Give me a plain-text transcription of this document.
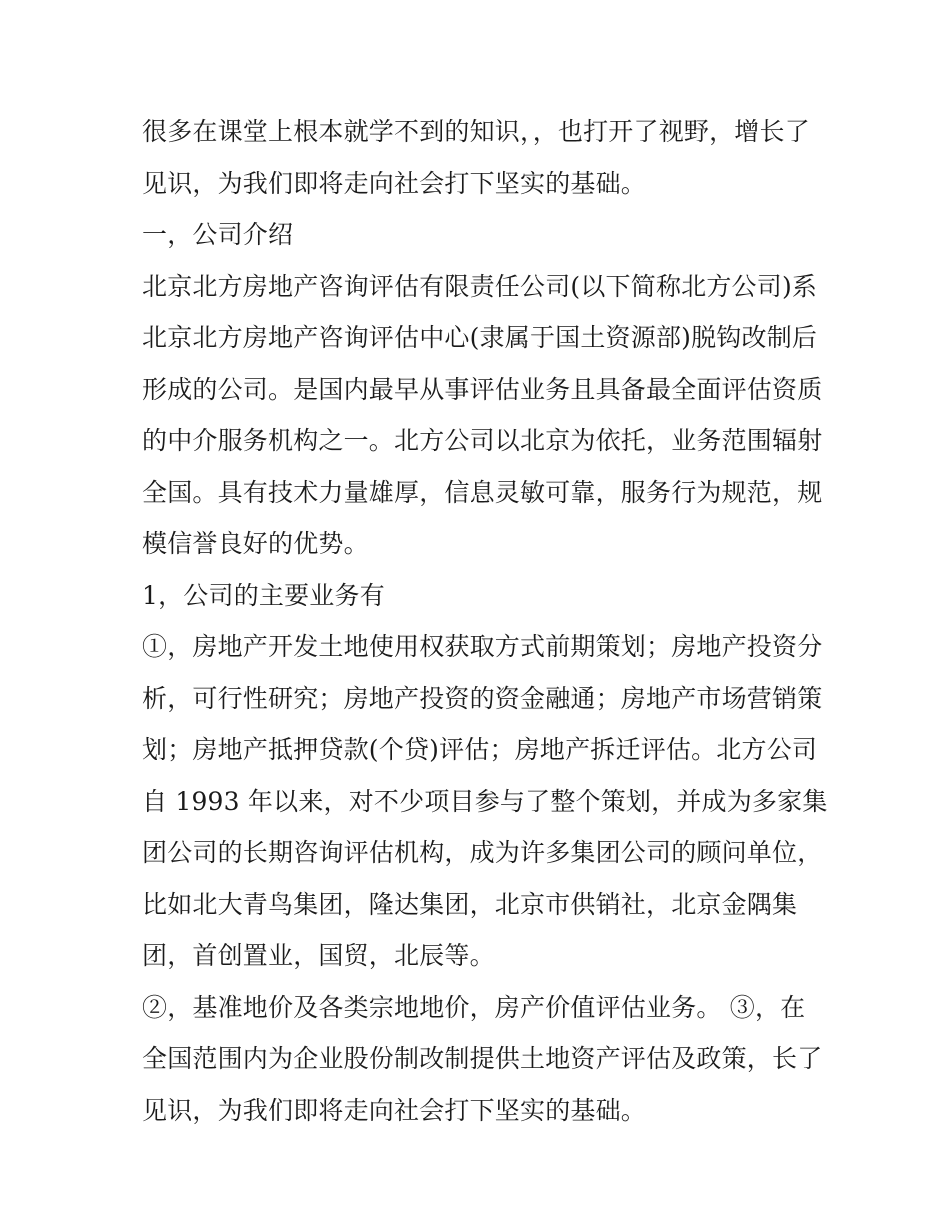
很多在课堂上根本就学不到的知识，，也打开了视野，增长了
见识，为我们即将走向社会打下坚实的基础。
一，公司介绍
北京北方房地产咨询评估有限责任公司(以下简称北方公司)系
北京北方房地产咨询评估中心(隶属于国土资源部)脱钩改制后
形成的公司。是国内最早从事评估业务且具备最全面评估资质
的中介服务机构之一。北方公司以北京为依托，业务范围辐射
全国。具有技术力量雄厚，信息灵敏可靠，服务行为规范，规
模信誉良好的优势。
1，公司的主要业务有
①，房地产开发土地使用权获取方式前期策划；房地产投资分
析，可行性研究；房地产投资的资金融通；房地产市场营销策
划；房地产抵押贷款(个贷)评估；房地产拆迁评估。北方公司
自 1993 年以来，对不少项目参与了整个策划，并成为多家集
团公司的长期咨询评估机构，成为许多集团公司的顾问单位，
比如北大青鸟集团，隆达集团，北京市供销社，北京金隅集
团，首创置业，国贸，北辰等。
②，基准地价及各类宗地地价，房产价值评估业务。 ③，在
全国范围内为企业股份制改制提供土地资产评估及政策，长了
见识，为我们即将走向社会打下坚实的基础。
